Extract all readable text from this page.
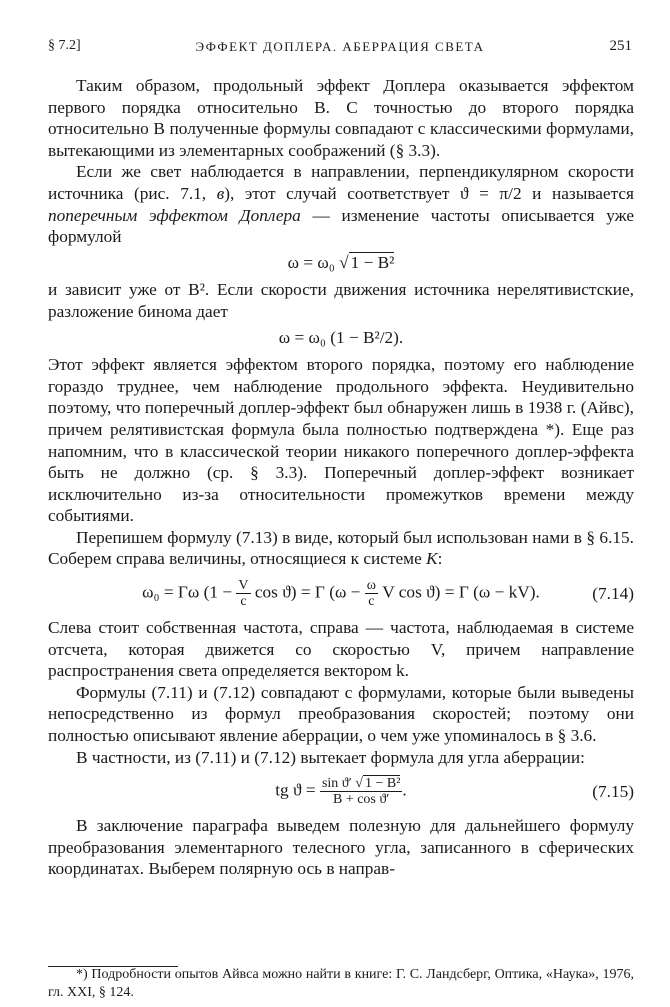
§ 7.2]	ЭФФЕКТ ДОПЛЕРА. АБЕРРАЦИЯ СВЕТА	251

Таким образом, продольный эффект Доплера оказывается эффектом первого порядка относительно B. С точностью до второго порядка относительно B полученные формулы совпадают с классическими формулами, вытекающими из элементарных соображений (§ 3.3).

Если же свет наблюдается в направлении, перпендикулярном скорости источника (рис. 7.1, в), этот случай соответствует ϑ = π/2 и называется поперечным эффектом Доплера — изменение частоты описывается уже формулой

ω = ω₀ √ 1 − B²

и зависит уже от B². Если скорости движения источника нерелятивистские, разложение бинома дает

ω = ω₀ (1 − B²/2).

Этот эффект является эффектом второго порядка, поэтому его наблюдение гораздо труднее, чем наблюдение продольного эффекта. Неудивительно поэтому, что поперечный доплер-эффект был обнаружен лишь в 1938 г. (Айвс), причем релятивистская формула была полностью подтверждена *). Еще раз напомним, что в классической теории никакого поперечного доплер-эффекта быть не должно (ср. § 3.3). Поперечный доплер-эффект возникает исключительно из-за относительности промежутков времени между событиями.

Перепишем формулу (7.13) в виде, который был использован нами в § 6.15. Соберем справа величины, относящиеся к системе K:

ω₀ = Γω ($1 - \frac{V}{c}$ cos ϑ) = Γ ($\omega - \frac{\omega}{c}$ V cos ϑ) = Γ (ω − kV).	(7.14)

Слева стоит собственная частота, справа — частота, наблюдаемая в системе отсчета, которая движется со скоростью V, причем направление распространения света определяется вектором k.

Формулы (7.11) и (7.12) совпадают с формулами, которые были выведены непосредственно из формул преобразования скоростей; поэтому они полностью описывают явление аберрации, о чем уже упоминалось в § 3.6.

В частности, из (7.11) и (7.12) вытекает формула для угла аберрации:

tg $ϑ = \frac{\text{sin ϑ′ √ 1 − B²}}{\text{B + cos ϑ′}}$ .	(7.15)

В заключение параграфа выведем полезную для дальнейшего формулу преобразования элементарного телесного угла, записанного в сферических координатах. Выберем полярную ось в направ-

*) Подробности опытов Айвса можно найти в книге: Г. С. Ландсберг, Оптика, «Наука», 1976, гл. XXI, § 124.
